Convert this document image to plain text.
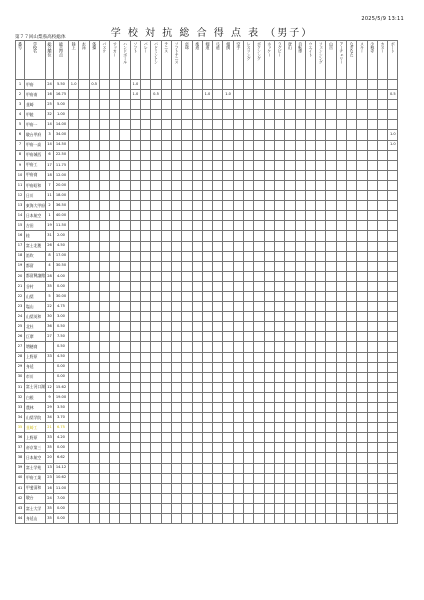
2025/5/9 13:11
学 校 対 抗 総 合 得 点 表 （男子）
第７７回山梨県高校総体
番号	学校名	総合順位	総合得点	陸上	水泳	体操	バスケ	サッカー	ハンドボール	ソフト	バレー	バドミントン	テニス	ソフトテニス	卓球	柔道	剣道	弓道	相撲	空手	レスリング	ボクシング	ホッケー	ラグビー	登山	自転車	ウエイト	フェンシング	山岳	アーチェリー	なぎなた	スキー	少林寺	カヌー	ボート
1	甲府	24	5.50	1.0		0.5				1.0																									
2	甲府南	16	16.75							1.0		0.5					1.0		1.0																0.5
3	韮崎	25	5.00																																
4	甲陵	32	1.00																																
5	甲府一	14	14.00																																
6	駿台甲府	3	34.00																																1.0
7	甲府一高	14	14.50																																1.0
8	甲府城西	6	22.50																																
9	甲府工	17	11.75																																
10	甲府商	18	12.00																																
11	甲府昭和	7	20.00																																
12	日川	11	18.00																																
13	東海大甲府	2	36.50																																
14	日本航空	1	40.00																																
15	吉田	19	11.50																																
16	桂	31	2.00																																
17	富士北稜	26	4.50																																
18	笛吹	8	17.00																																
19	都留	4	30.50																																
20	都留興譲館	28	4.00																																
21	谷村	35	0.00																																
22	山梨	5	30.00																																
23	塩山	22	4.75																																
24	山梨英和	30	3.00																																
25	北杜	36	0.50																																
26	巨摩	27	7.50																																
27	増穂商		0.50																																
28	上野原	33	4.50																																
29	身延		0.00																																
30	市川		0.00																																
31	富士河口湖	12	15.62																																
32	白根	9	19.00																																
33	農林	29	3.50																																
34	山梨学院	34	3.70																																
35	韮崎工	21	6.75																																
36	上野原	33	4.20																																
37	帝京第三	35	0.00																																
38	日本航空	20	6.62																																
39	富士学苑	13	14.12																																
40	甲府工業	23	10.62																																
41	甲斐清和	16	11.00																																
42	駿台	24	7.00																																
43	富士大学	35	0.00																																
44	身延山	35	0.00																																
